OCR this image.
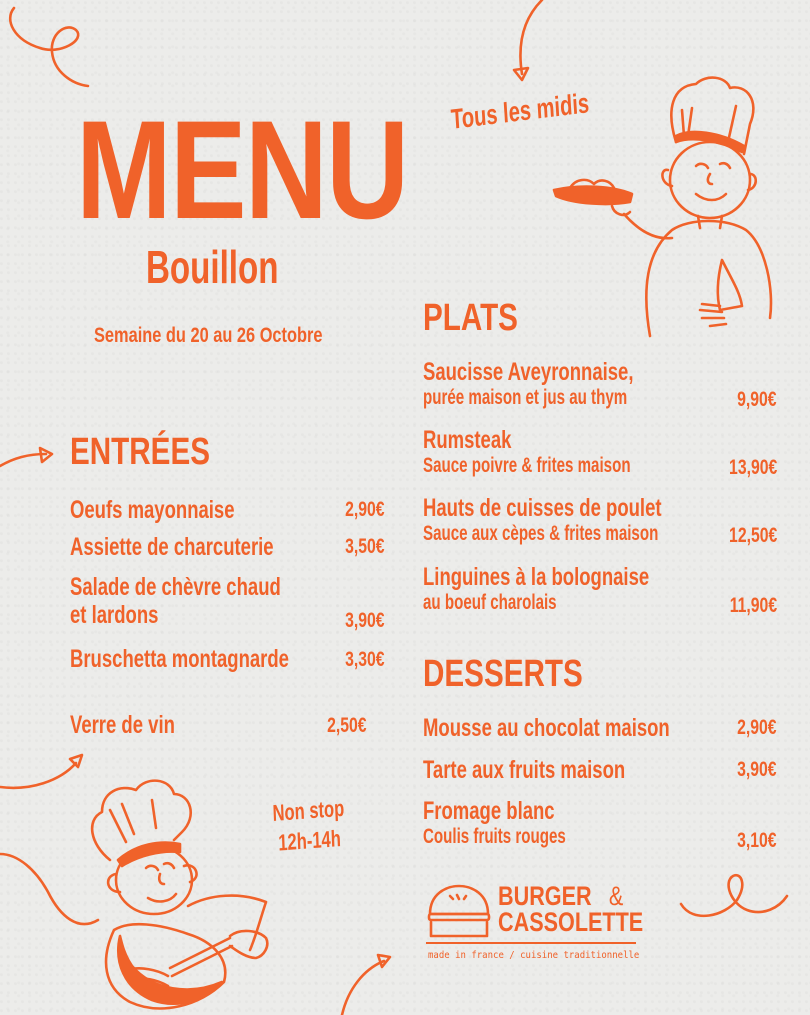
MENU
Bouillon
Semaine du 20 au 26 Octobre
Tous les midis
ENTRÉES
Oeufs mayonnaise	2,90€
Assiette de charcuterie	3,50€
Salade de chèvre chaud
et lardons	3,90€
Bruschetta montagnarde	3,30€
Verre de vin	2,50€
Non stop
12h-14h
PLATS
Saucisse Aveyronnaise,
purée maison et jus au thym	9,90€
Rumsteak
Sauce poivre & frites maison	13,90€
Hauts de cuisses de poulet
Sauce aux cèpes & frites maison	12,50€
Linguines à la bolognaise
au boeuf charolais	11,90€
DESSERTS
Mousse au chocolat maison	2,90€
Tarte aux fruits maison	3,90€
Fromage blanc
Coulis fruits rouges	3,10€
BURGER &
CASSOLETTE
made in france / cuisine traditionnelle
